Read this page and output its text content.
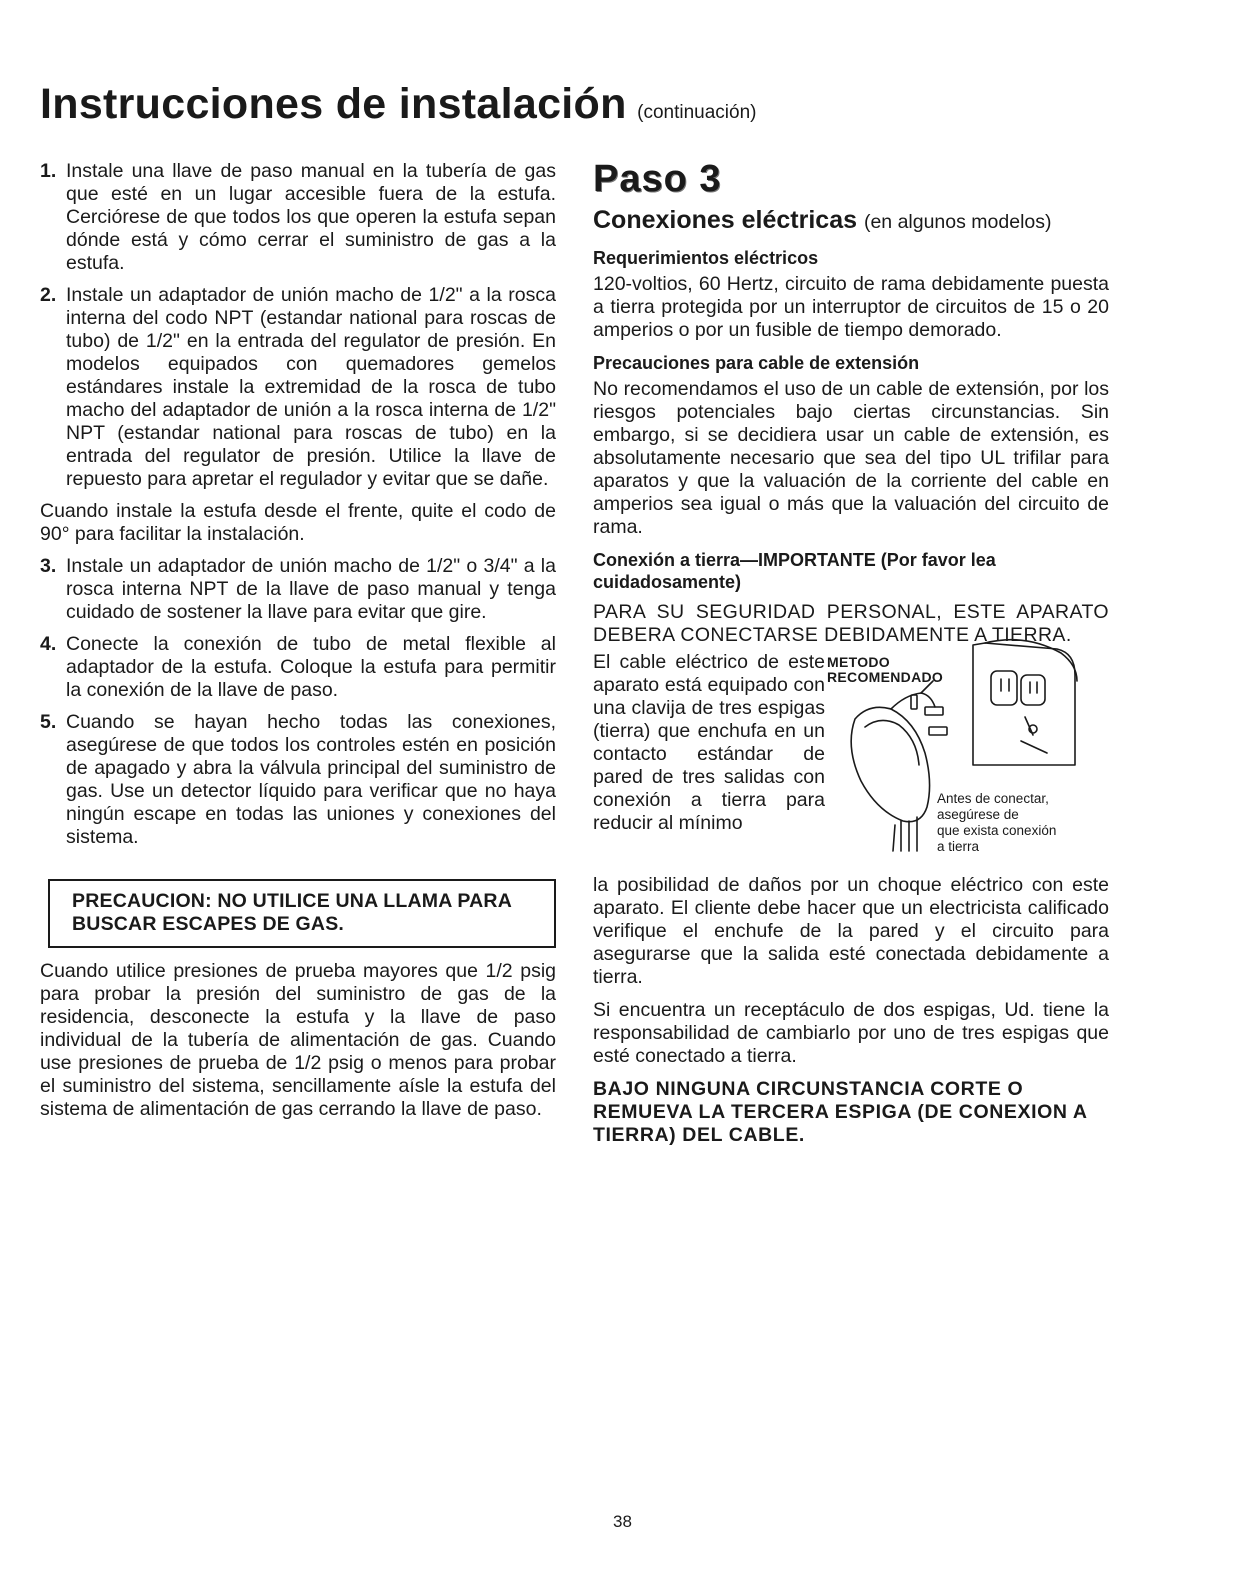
Instrucciones de instalación (continuación)
1. Instale una llave de paso manual en la tubería de gas que esté en un lugar accesible fuera de la estufa. Cerciórese de que todos los que operen la estufa sepan dónde está y cómo cerrar el suministro de gas a la estufa.
2. Instale un adaptador de unión macho de 1/2" a la rosca interna del codo NPT (estandar national para roscas de tubo) de 1/2" en la entrada del regulator de presión. En modelos equipados con quemadores gemelos estándares instale la extremidad de la rosca de tubo macho del adaptador de unión a la rosca interna de 1/2" NPT (estandar national para roscas de tubo) en la entrada del regulator de presión. Utilice la llave de repuesto para apretar el regulador y evitar que se dañe.

Cuando instale la estufa desde el frente, quite el codo de 90° para facilitar la instalación.

3. Instale un adaptador de unión macho de 1/2" o 3/4" a la rosca interna NPT de la llave de paso manual y tenga cuidado de sostener la llave para evitar que gire.
4. Conecte la conexión de tubo de metal flexible al adaptador de la estufa. Coloque la estufa para permitir la conexión de la llave de paso.
5. Cuando se hayan hecho todas las conexiones, asegúrese de que todos los controles estén en posición de apagado y abra la válvula principal del suministro de gas. Use un detector líquido para verificar que no haya ningún escape en todas las uniones y conexiones del sistema.
PRECAUCION: NO UTILICE UNA LLAMA PARA BUSCAR ESCAPES DE GAS.

Cuando utilice presiones de prueba mayores que 1/2 psig para probar la presión del suministro de gas de la residencia, desconecte la estufa y la llave de paso individual de la tubería de alimentación de gas. Cuando use presiones de prueba de 1/2 psig o menos para probar el suministro del sistema, sencillamente aísle la estufa del sistema de alimentación de gas cerrando la llave de paso.

Paso 3
Conexiones eléctricas (en algunos modelos)
Requerimientos eléctricos

120-voltios, 60 Hertz, circuito de rama debidamente puesta a tierra protegida por un interruptor de circuitos de 15 o 20 amperios o por un fusible de tiempo demorado.

Precauciones para cable de extensión

No recomendamos el uso de un cable de extensión, por los riesgos potenciales bajo ciertas circunstancias. Sin embargo, si se decidiera usar un cable de extensión, es absolutamente necesario que sea del tipo UL trifilar para aparatos y que la valuación de la corriente del cable en amperios sea igual o más que la valuación del circuito de rama.

Conexión a tierra—IMPORTANTE (Por favor lea cuidadosamente)
PARA SU SEGURIDAD PERSONAL, ESTE APARATO DEBERA CONECTARSE DEBIDAMENTE A TIERRA.

El cable eléctrico de este aparato está equipado con una clavija de tres espigas (tierra) que enchufa en un contacto estándar de pared de tres salidas con conexión a tierra para reducir al mínimo

METODO
RECOMENDADO
Antes de conectar,
asegúrese de
que exista conexión
a tierra

la posibilidad de daños por un choque eléctrico con este aparato. El cliente debe hacer que un electricista calificado verifique el enchufe de la pared y el circuito para asegurarse que la salida esté conectada debidamente a tierra.

Si encuentra un receptáculo de dos espigas, Ud. tiene la responsabilidad de cambiarlo por uno de tres espigas que esté conectado a tierra.

BAJO NINGUNA CIRCUNSTANCIA CORTE O REMUEVA LA TERCERA ESPIGA (DE CONEXION A TIERRA) DEL CABLE.
38
